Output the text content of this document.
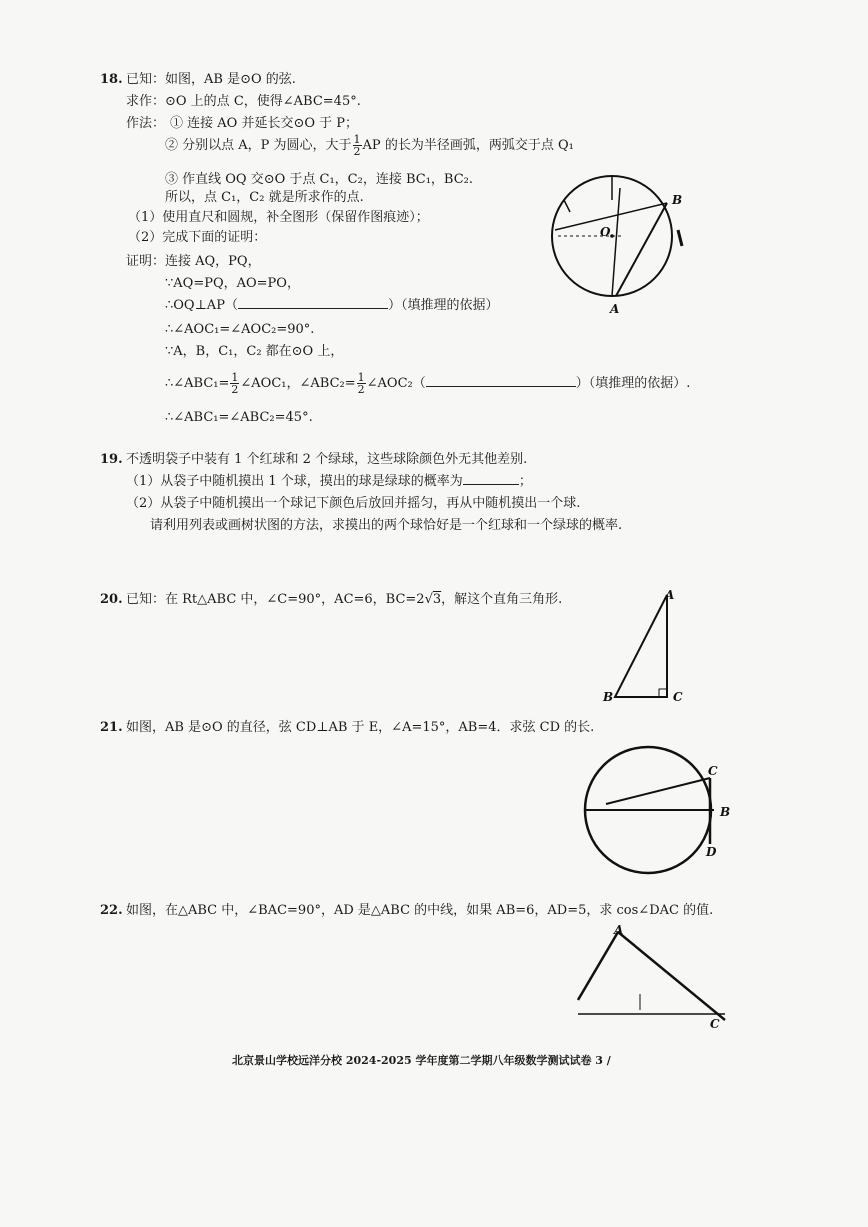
18. 已知：如图，AB 是⊙O 的弦.
求作：⊙O 上的点 C，使得∠ABC=45°.
作法： ① 连接 AO 并延长交⊙O 于 P；
② 分别以点 A，P 为圆心，大于 $\frac{1}{2}$ AP 的长为半径画弧，两弧交于点 Q₁
③ 作直线 OQ 交⊙O 于点 C₁，C₂，连接 BC₁，BC₂.
所以，点 C₁，C₂ 就是所求作的点.
（1）使用直尺和圆规，补全图形（保留作图痕迹）；
（2）完成下面的证明：
证明：连接 AQ，PQ，
∵AQ=PQ，AO=PO，
∴OQ⊥AP（	）（填推理的依据）
∴∠AOC₁=∠AOC₂=90°.
∵A，B，C₁，C₂ 都在⊙O 上，
∴∠ABC₁= $\frac{1}{2}$ ∠AOC₁，∠ABC₂= $\frac{1}{2}$ ∠AOC₂（	）（填推理的依据）.
∴∠ABC₁=∠ABC₂=45°.
B
O
A
19. 不透明袋子中装有 1 个红球和 2 个绿球，这些球除颜色外无其他差别.
（1）从袋子中随机摸出 1 个球，摸出的球是绿球的概率为	；
（2）从袋子中随机摸出一个球记下颜色后放回并摇匀，再从中随机摸出一个球.
请利用列表或画树状图的方法，求摸出的两个球恰好是一个红球和一个绿球的概率.
20. 已知：在 Rt△ABC 中，∠C=90°，AC=6，BC=2√3，解这个直角三角形.	A
B	C
21. 如图，AB 是⊙O 的直径，弦 CD⊥AB 于 E，∠A=15°，AB=4．求弦 CD 的长.
C
B
D
22. 如图，在△ABC 中，∠BAC=90°，AD 是△ABC 的中线，如果 AB=6，AD=5，求 cos∠DAC 的值.
A
C
北京景山学校远洋分校 2024-2025 学年度第二学期八年级数学测试试卷 3 /
